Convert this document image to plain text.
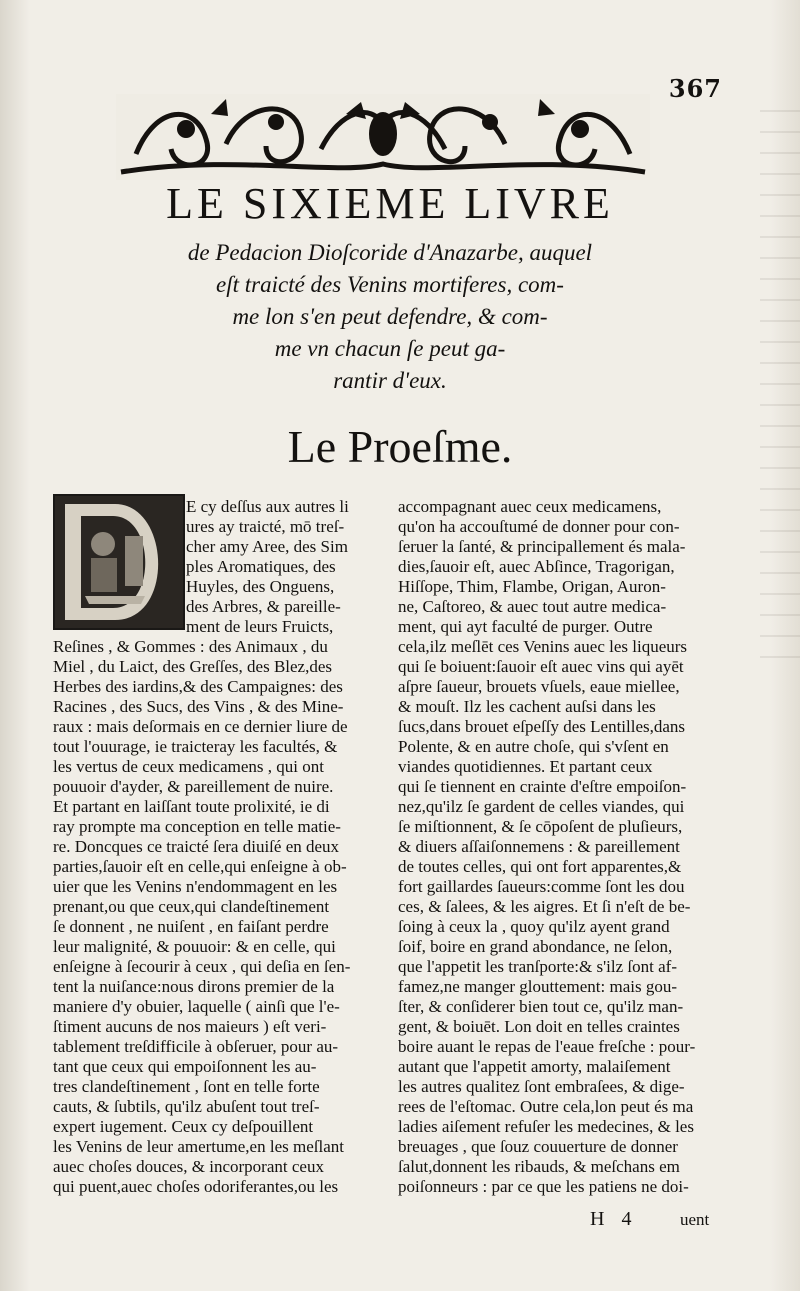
367
LE SIXIEME LIVRE
de Pedacion Dioſcoride d'Anazarbe, auquel
eſt traicté des Venins mortiferes, com-
me lon s'en peut defendre, & com-
me vn chacun ſe peut ga-
rantir d'eux.
Le Proeſme.
E cy deſſus aux autres li
ures ay traicté, mō treſ-
cher amy Aree, des Sim
ples Aromatiques, des
Huyles, des Onguens,
des Arbres, & pareille-
ment de leurs Fruicts,
Reſines , & Gommes : des Animaux , du
Miel , du Laict, des Greſſes, des Blez,des
Herbes des iardins,& des Campaignes: des
Racines , des Sucs, des Vins , & des Mine-
raux : mais deſormais en ce dernier liure de
tout l'ouurage, ie traicteray les facultés, &
les vertus de ceux medicamens , qui ont
pouuoir d'ayder, & pareillement de nuire.
Et partant en laiſſant toute prolixité, ie di
ray prompte ma conception en telle matie-
re. Doncques ce traicté ſera diuiſé en deux
parties,ſauoir eſt en celle,qui enſeigne à ob-
uier que les Venins n'endommagent en les
prenant,ou que ceux,qui clandeſtinement
ſe donnent , ne nuiſent , en faiſant perdre
leur malignité, & pouuoir: & en celle, qui
enſeigne à ſecourir à ceux , qui deſia en ſen-
tent la nuiſance:nous dirons premier de la
maniere d'y obuier, laquelle ( ainſi que l'e-
ſtiment aucuns de nos maieurs ) eſt veri-
tablement treſdifficile à obſeruer, pour au-
tant que ceux qui empoiſonnent les au-
tres clandeſtinement , ſont en telle forte
cauts, & ſubtils, qu'ilz abuſent tout treſ-
expert iugement. Ceux cy deſpouillent
les Venins de leur amertume,en les meſlant
auec choſes douces, & incorporant ceux
qui puent,auec choſes odoriferantes,ou les
accompagnant auec ceux medicamens,
qu'on ha accouſtumé de donner pour con-
ſeruer la ſanté, & principallement és mala-
dies,ſauoir eſt, auec Abſince, Tragorigan,
Hiſſope, Thim, Flambe, Origan, Auron-
ne, Caſtoreo, & auec tout autre medica-
ment, qui ayt faculté de purger. Outre
cela,ilz meſlēt ces Venins auec les liqueurs
qui ſe boiuent:ſauoir eſt auec vins qui ayēt
aſpre ſaueur, brouets vſuels, eaue miellee,
& mouſt. Ilz les cachent auſsi dans les
ſucs,dans brouet eſpeſſy des Lentilles,dans
Polente, & en autre choſe, qui s'vſent en
viandes quotidiennes. Et partant ceux
qui ſe tiennent en crainte d'eſtre empoiſon-
nez,qu'ilz ſe gardent de celles viandes, qui
ſe miſtionnent, & ſe cōpoſent de pluſieurs,
& diuers aſſaiſonnemens : & pareillement
de toutes celles, qui ont fort apparentes,&
fort gaillardes ſaueurs:comme ſont les dou
ces, & ſalees, & les aigres. Et ſi n'eſt de be-
ſoing à ceux la , quoy qu'ilz ayent grand
ſoif, boire en grand abondance, ne ſelon,
que l'appetit les tranſporte:& s'ilz ſont af-
famez,ne manger glouttement: mais gou-
ſter, & conſiderer bien tout ce, qu'ilz man-
gent, & boiuēt. Lon doit en telles craintes
boire auant le repas de l'eaue freſche : pour-
autant que l'appetit amorty, malaiſement
les autres qualitez ſont embraſees, & dige-
rees de l'eſtomac. Outre cela,lon peut és ma
ladies aiſement refuſer les medecines, & les
breuages , que ſouz couuerture de donner
ſalut,donnent les ribauds, & meſchans em
poiſonneurs : par ce que les patiens ne doi-
H 4	uent
